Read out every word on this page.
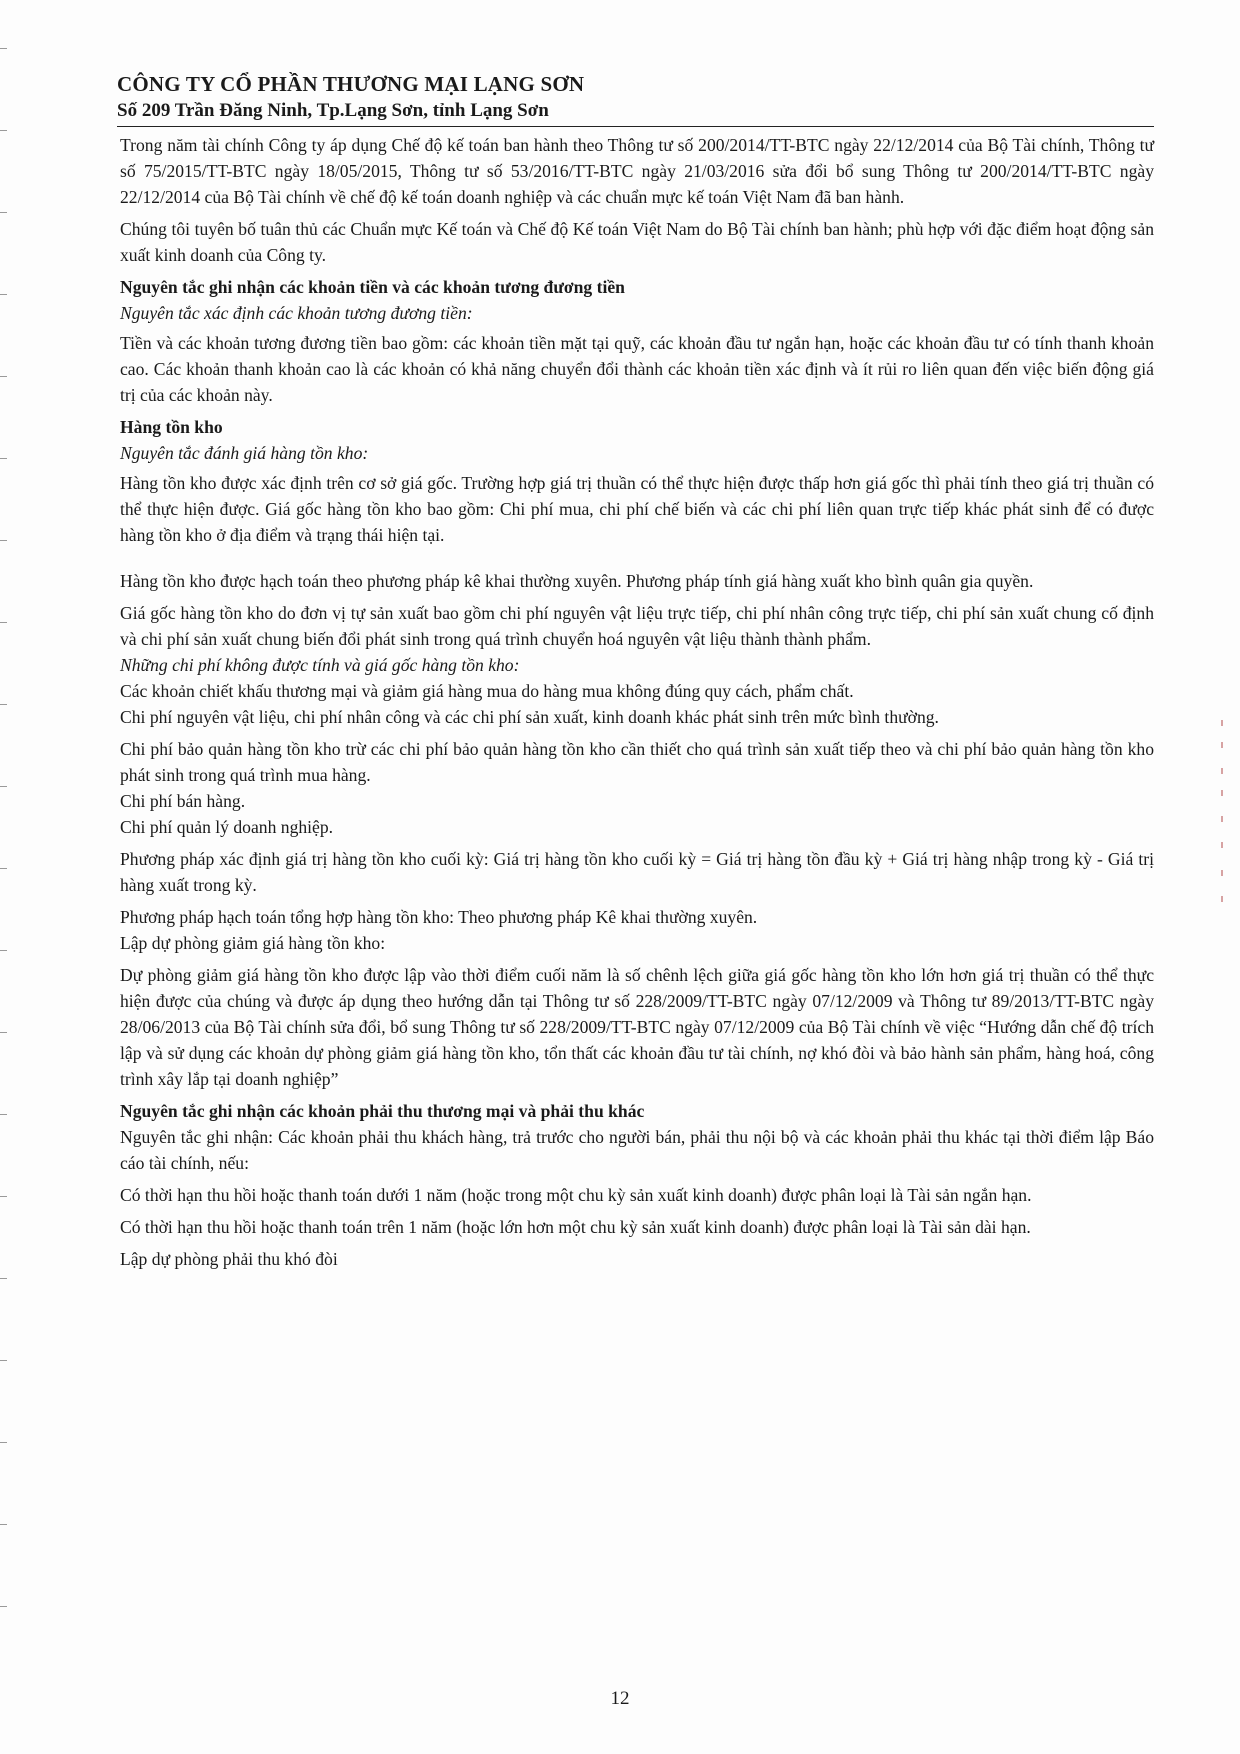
CÔNG TY CỔ PHẦN THƯƠNG MẠI LẠNG SƠN

Số 209 Trần Đăng Ninh, Tp.Lạng Sơn, tỉnh Lạng Sơn

Trong năm tài chính Công ty áp dụng Chế độ kế toán ban hành theo Thông tư số 200/2014/TT-BTC ngày 22/12/2014 của Bộ Tài chính, Thông tư số 75/2015/TT-BTC ngày 18/05/2015, Thông tư số 53/2016/TT-BTC ngày 21/03/2016 sửa đổi bổ sung Thông tư 200/2014/TT-BTC ngày 22/12/2014 của Bộ Tài chính về chế độ kế toán doanh nghiệp và các chuẩn mực kế toán Việt Nam đã ban hành.

Chúng tôi tuyên bố tuân thủ các Chuẩn mực Kế toán và Chế độ Kế toán Việt Nam do Bộ Tài chính ban hành; phù hợp với đặc điểm hoạt động sản xuất kinh doanh của Công ty.

Nguyên tắc ghi nhận các khoản tiền và các khoản tương đương tiền

Nguyên tắc xác định các khoản tương đương tiền:

Tiền và các khoản tương đương tiền bao gồm: các khoản tiền mặt tại quỹ, các khoản đầu tư ngắn hạn, hoặc các khoản đầu tư có tính thanh khoản cao. Các khoản thanh khoản cao là các khoản có khả năng chuyển đổi thành các khoản tiền xác định và ít rủi ro liên quan đến việc biến động giá trị của các khoản này.

Hàng tồn kho

Nguyên tắc đánh giá hàng tồn kho:

Hàng tồn kho được xác định trên cơ sở giá gốc. Trường hợp giá trị thuần có thể thực hiện được thấp hơn giá gốc thì phải tính theo giá trị thuần có thể thực hiện được. Giá gốc hàng tồn kho bao gồm: Chi phí mua, chi phí chế biến và các chi phí liên quan trực tiếp khác phát sinh để có được hàng tồn kho ở địa điểm và trạng thái hiện tại.

Hàng tồn kho được hạch toán theo phương pháp kê khai thường xuyên. Phương pháp tính giá hàng xuất kho bình quân gia quyền.

Giá gốc hàng tồn kho do đơn vị tự sản xuất bao gồm chi phí nguyên vật liệu trực tiếp, chi phí nhân công trực tiếp, chi phí sản xuất chung cố định và chi phí sản xuất chung biến đổi phát sinh trong quá trình chuyển hoá nguyên vật liệu thành thành phẩm.

Những chi phí không được tính và giá gốc hàng tồn kho:

Các khoản chiết khấu thương mại và giảm giá hàng mua do hàng mua không đúng quy cách, phẩm chất.

Chi phí nguyên vật liệu, chi phí nhân công và các chi phí sản xuất, kinh doanh khác phát sinh trên mức bình thường.

Chi phí bảo quản hàng tồn kho trừ các chi phí bảo quản hàng tồn kho cần thiết cho quá trình sản xuất tiếp theo và chi phí bảo quản hàng tồn kho phát sinh trong quá trình mua hàng.

Chi phí bán hàng.

Chi phí quản lý doanh nghiệp.

Phương pháp xác định giá trị hàng tồn kho cuối kỳ: Giá trị hàng tồn kho cuối kỳ = Giá trị hàng tồn đầu kỳ + Giá trị hàng nhập trong kỳ - Giá trị hàng xuất trong kỳ.

Phương pháp hạch toán tổng hợp hàng tồn kho: Theo phương pháp Kê khai thường xuyên.

Lập dự phòng giảm giá hàng tồn kho:

Dự phòng giảm giá hàng tồn kho được lập vào thời điểm cuối năm là số chênh lệch giữa giá gốc hàng tồn kho lớn hơn giá trị thuần có thể thực hiện được của chúng và được áp dụng theo hướng dẫn tại Thông tư số 228/2009/TT-BTC ngày 07/12/2009 và Thông tư 89/2013/TT-BTC ngày 28/06/2013 của Bộ Tài chính sửa đổi, bổ sung Thông tư số 228/2009/TT-BTC ngày 07/12/2009 của Bộ Tài chính về việc “Hướng dẫn chế độ trích lập và sử dụng các khoản dự phòng giảm giá hàng tồn kho, tổn thất các khoản đầu tư tài chính, nợ khó đòi và bảo hành sản phẩm, hàng hoá, công trình xây lắp tại doanh nghiệp”

Nguyên tắc ghi nhận các khoản phải thu thương mại và phải thu khác

Nguyên tắc ghi nhận: Các khoản phải thu khách hàng, trả trước cho người bán, phải thu nội bộ và các khoản phải thu khác tại thời điểm lập Báo cáo tài chính, nếu:

Có thời hạn thu hồi hoặc thanh toán dưới 1 năm (hoặc trong một chu kỳ sản xuất kinh doanh) được phân loại là Tài sản ngắn hạn.

Có thời hạn thu hồi hoặc thanh toán trên 1 năm (hoặc lớn hơn một chu kỳ sản xuất kinh doanh) được phân loại là Tài sản dài hạn.

Lập dự phòng phải thu khó đòi

12
